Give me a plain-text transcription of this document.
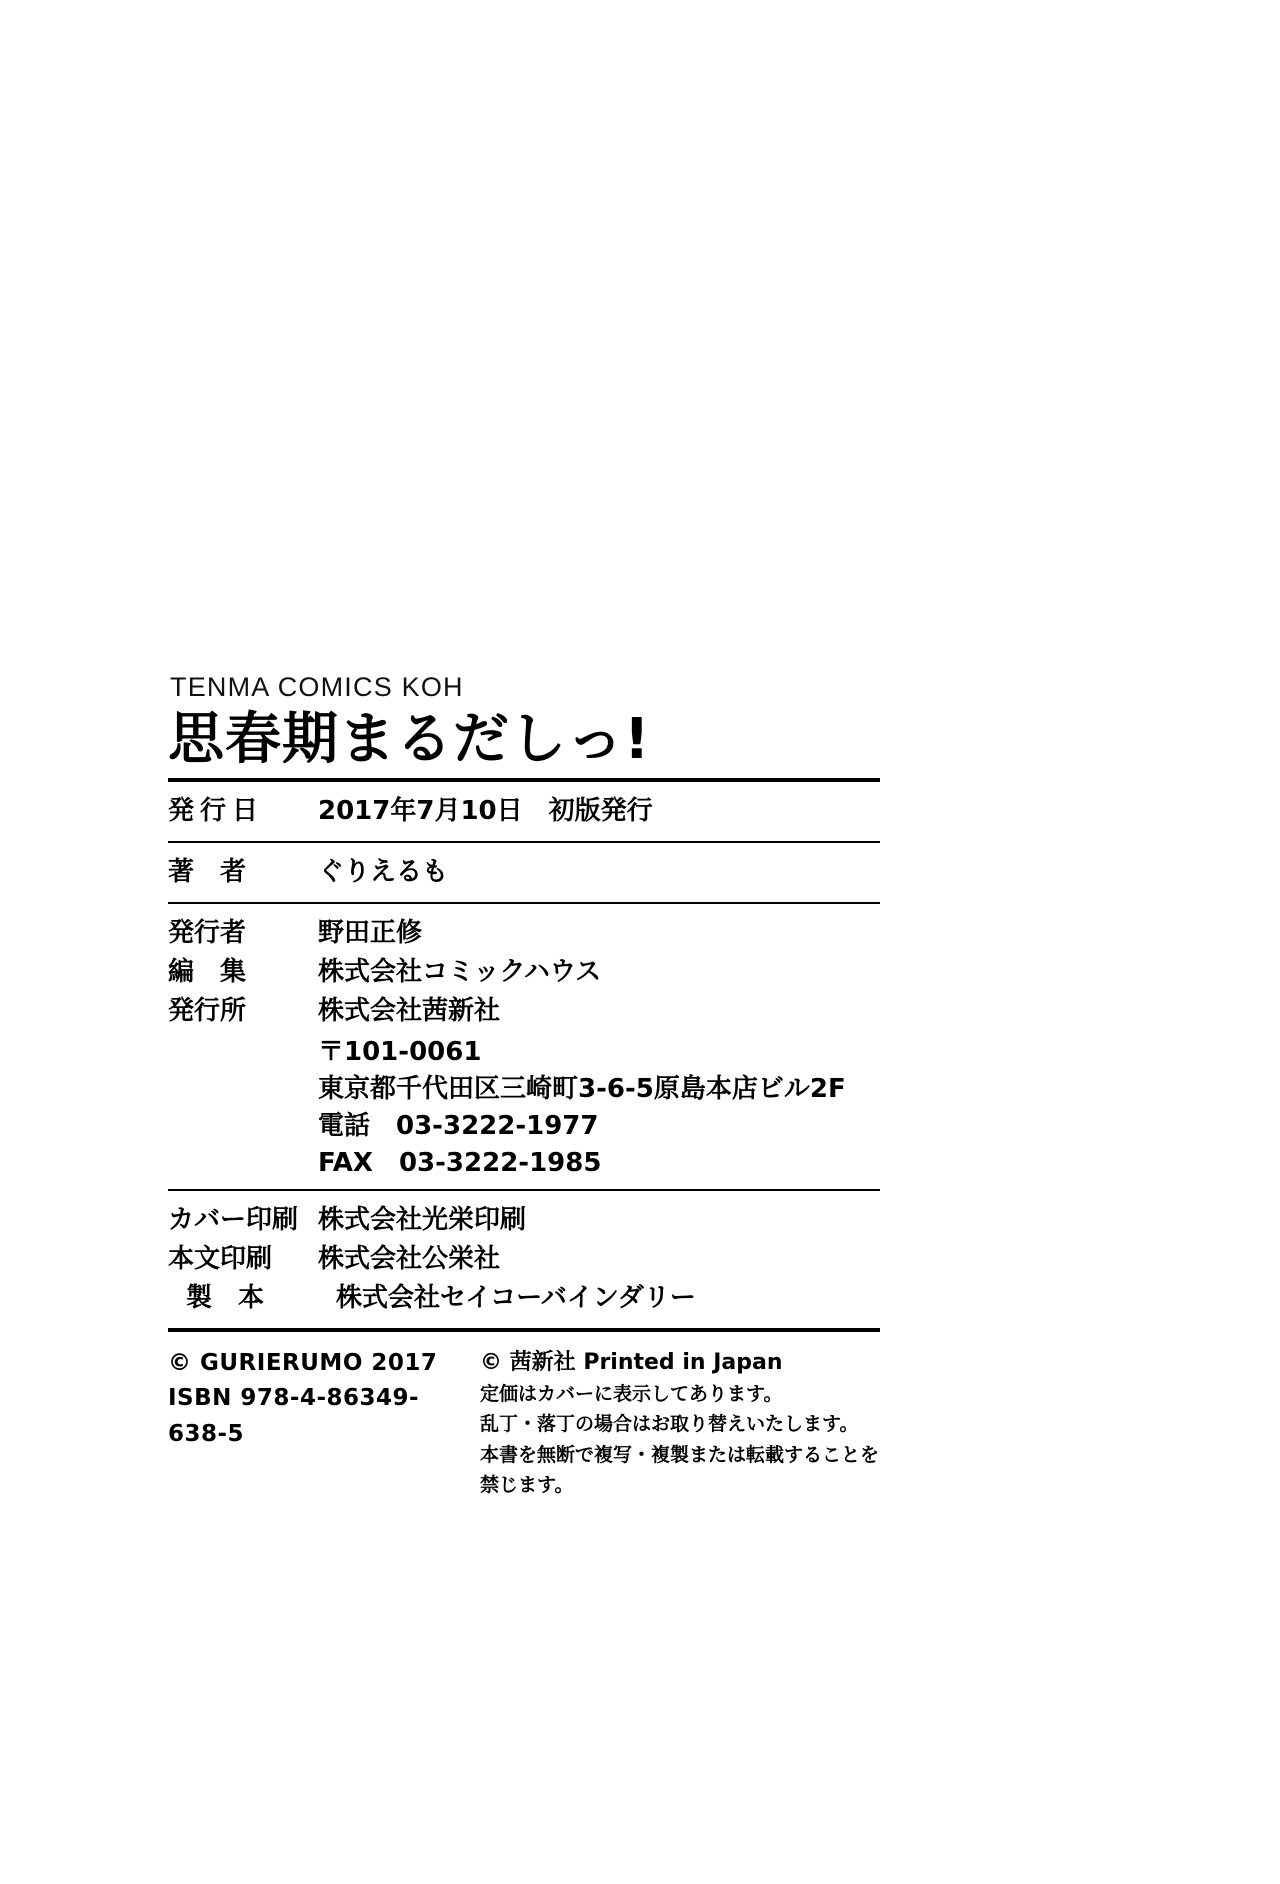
TENMA COMICS KOH
思春期まるだしっ!
発行日	2017年7月10日 初版発行
著　者	ぐりえるも
発行者	野田正修
編　集	株式会社コミックハウス
発行所	株式会社茜新社
〒101-0061
東京都千代田区三崎町3-6-5原島本店ビル2F
電話　03-3222-1977
FAX　03-3222-1985
カバー印刷 株式会社光栄印刷
本文印刷	株式会社公栄社
製　本	株式会社セイコーバインダリー
© GURIERUMO 2017
ISBN 978-4-86349-638-5
© 茜新社 Printed in Japan
定価はカバーに表示してあります。
乱丁・落丁の場合はお取り替えいたします。
本書を無断で複写・複製または転載することを禁じます。
